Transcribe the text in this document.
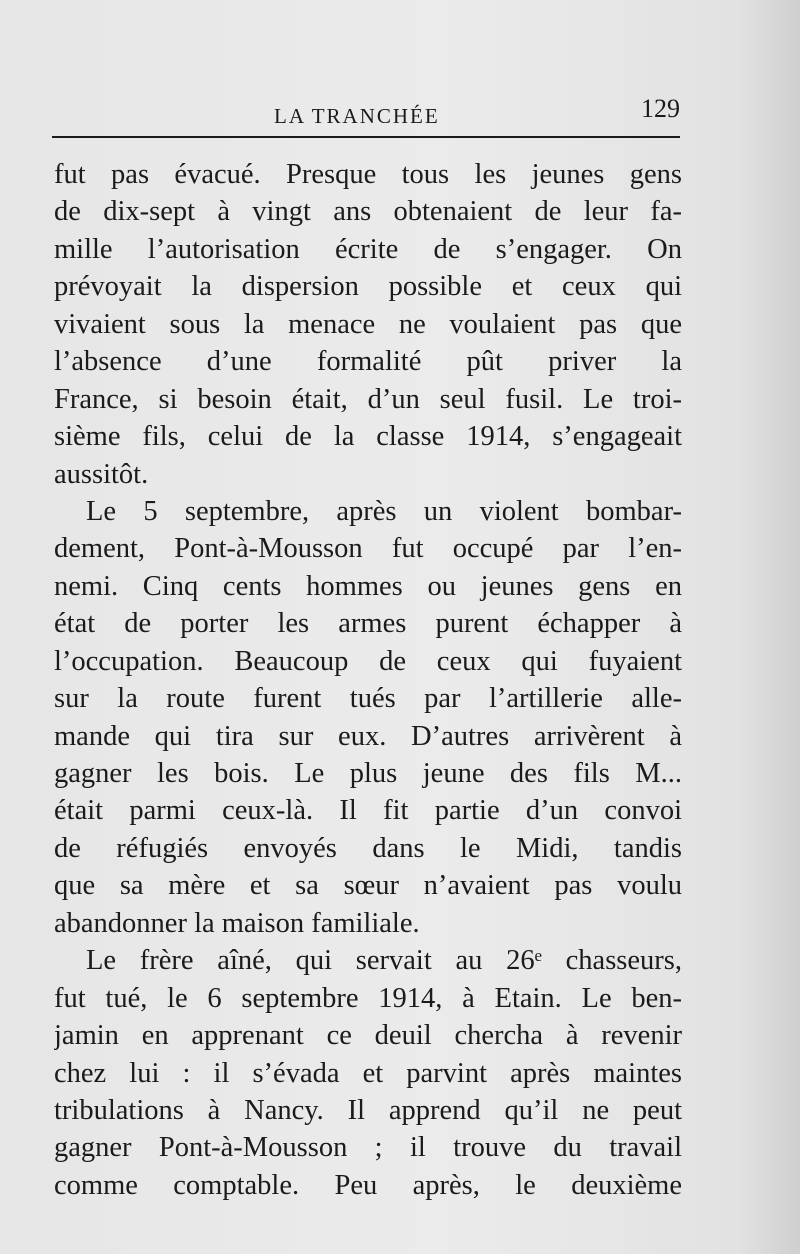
LA TRANCHÉE	129
fut pas évacué. Presque tous les jeunes gens
de dix-sept à vingt ans obtenaient de leur fa-
mille l’autorisation écrite de s’engager. On
prévoyait la dispersion possible et ceux qui
vivaient sous la menace ne voulaient pas que
l’absence d’une formalité pût priver la
France, si besoin était, d’un seul fusil. Le troi-
sième fils, celui de la classe 1914, s’engageait
aussitôt.
Le 5 septembre, après un violent bombar-
dement, Pont-à-Mousson fut occupé par l’en-
nemi. Cinq cents hommes ou jeunes gens en
état de porter les armes purent échapper à
l’occupation. Beaucoup de ceux qui fuyaient
sur la route furent tués par l’artillerie alle-
mande qui tira sur eux. D’autres arrivèrent à
gagner les bois. Le plus jeune des fils M...
était parmi ceux-là. Il fit partie d’un convoi
de réfugiés envoyés dans le Midi, tandis
que sa mère et sa sœur n’avaient pas voulu
abandonner la maison familiale.
Le frère aîné, qui servait au 26ᵉ chasseurs,
fut tué, le 6 septembre 1914, à Etain. Le ben-
jamin en apprenant ce deuil chercha à revenir
chez lui : il s’évada et parvint après maintes
tribulations à Nancy. Il apprend qu’il ne peut
gagner Pont-à-Mousson ; il trouve du travail
comme comptable. Peu après, le deuxième
